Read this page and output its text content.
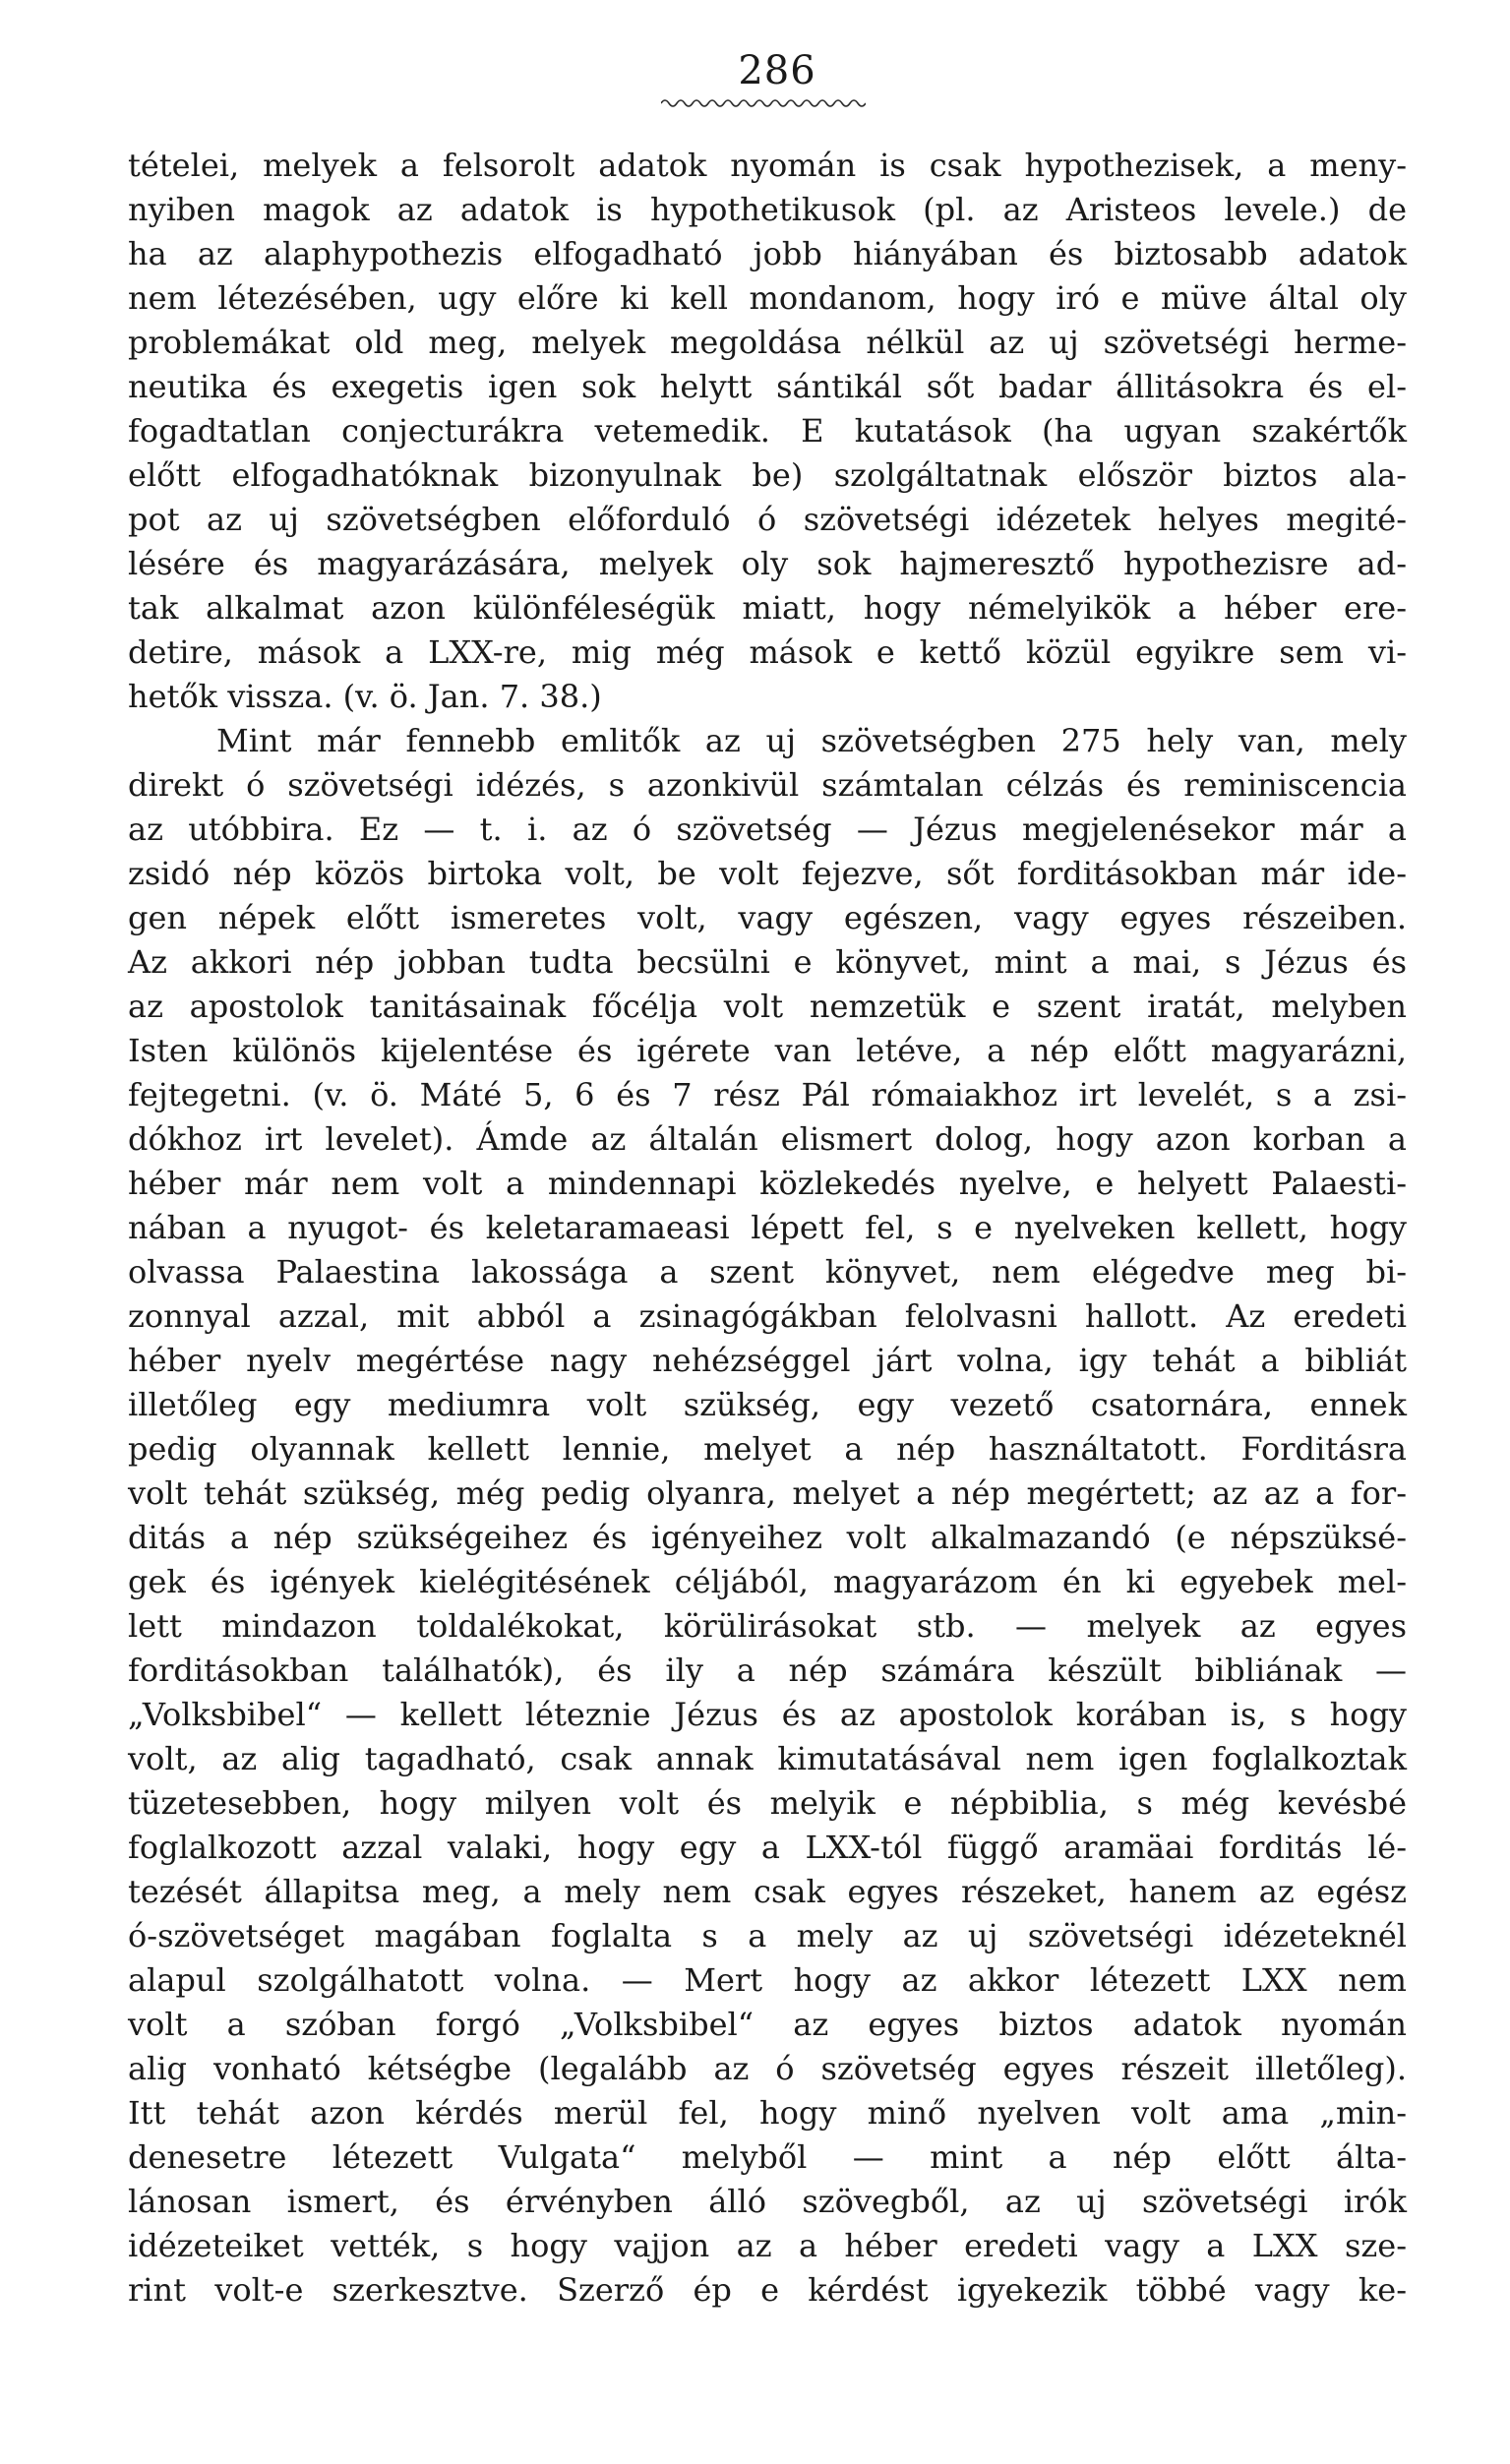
286
tételei, melyek a felsorolt adatok nyomán is csak hypothezisek, a meny-
nyiben magok az adatok is hypothetikusok (pl. az Aristeos levele.) de
ha az alaphypothezis elfogadható jobb hiányában és biztosabb adatok
nem létezésében, ugy előre ki kell mondanom, hogy iró e müve által oly
problemákat old meg, melyek megoldása nélkül az uj szövetségi herme-
neutika és exegetis igen sok helytt sántikál sőt badar állitásokra és el-
fogadtatlan conjecturákra vetemedik. E kutatások (ha ugyan szakértők
előtt elfogadhatóknak bizonyulnak be) szolgáltatnak először biztos ala-
pot az uj szövetségben előforduló ó szövetségi idézetek helyes megité-
lésére és magyarázására, melyek oly sok hajmeresztő hypothezisre ad-
tak alkalmat azon különféleségük miatt, hogy némelyikök a héber ere-
detire, mások a LXX-re, mig még mások e kettő közül egyikre sem vi-
hetők vissza. (v. ö. Jan. 7. 38.)
Mint már fennebb emlitők az uj szövetségben 275 hely van, mely
direkt ó szövetségi idézés, s azonkivül számtalan célzás és reminiscencia
az utóbbira. Ez — t. i. az ó szövetség — Jézus megjelenésekor már a
zsidó nép közös birtoka volt, be volt fejezve, sőt forditásokban már ide-
gen népek előtt ismeretes volt, vagy egészen, vagy egyes részeiben.
Az akkori nép jobban tudta becsülni e könyvet, mint a mai, s Jézus és
az apostolok tanitásainak főcélja volt nemzetük e szent iratát, melyben
Isten különös kijelentése és igérete van letéve, a nép előtt magyarázni,
fejtegetni. (v. ö. Máté 5, 6 és 7 rész Pál rómaiakhoz irt levelét, s a zsi-
dókhoz irt levelet). Ámde az általán elismert dolog, hogy azon korban a
héber már nem volt a mindennapi közlekedés nyelve, e helyett Palaesti-
nában a nyugot- és keletaramaeasi lépett fel, s e nyelveken kellett, hogy
olvassa Palaestina lakossága a szent könyvet, nem elégedve meg bi-
zonnyal azzal, mit abból a zsinagógákban felolvasni hallott. Az eredeti
héber nyelv megértése nagy nehézséggel járt volna, igy tehát a bibliát
illetőleg egy mediumra volt szükség, egy vezető csatornára, ennek
pedig olyannak kellett lennie, melyet a nép használtatott. Forditásra
volt tehát szükség, még pedig olyanra, melyet a nép megértett; az az a for-
ditás a nép szükségeihez és igényeihez volt alkalmazandó (e népszüksé-
gek és igények kielégitésének céljából, magyarázom én ki egyebek mel-
lett mindazon toldalékokat, körülirásokat stb. — melyek az egyes
forditásokban találhatók), és ily a nép számára készült bibliának —
„Volksbibel“ — kellett léteznie Jézus és az apostolok korában is, s hogy
volt, az alig tagadható, csak annak kimutatásával nem igen foglalkoztak
tüzetesebben, hogy milyen volt és melyik e népbiblia, s még kevésbé
foglalkozott azzal valaki, hogy egy a LXX-tól függő aramäai forditás lé-
tezését állapitsa meg, a mely nem csak egyes részeket, hanem az egész
ó-szövetséget magában foglalta s a mely az uj szövetségi idézeteknél
alapul szolgálhatott volna. — Mert hogy az akkor létezett LXX nem
volt a szóban forgó „Volksbibel“ az egyes biztos adatok nyomán
alig vonható kétségbe (legalább az ó szövetség egyes részeit illetőleg).
Itt tehát azon kérdés merül fel, hogy minő nyelven volt ama „min-
denesetre létezett Vulgata“ melyből — mint a nép előtt álta-
lánosan ismert, és érvényben álló szövegből, az uj szövetségi irók
idézeteiket vették, s hogy vajjon az a héber eredeti vagy a LXX sze-
rint volt-e szerkesztve. Szerző ép e kérdést igyekezik többé vagy ke-
